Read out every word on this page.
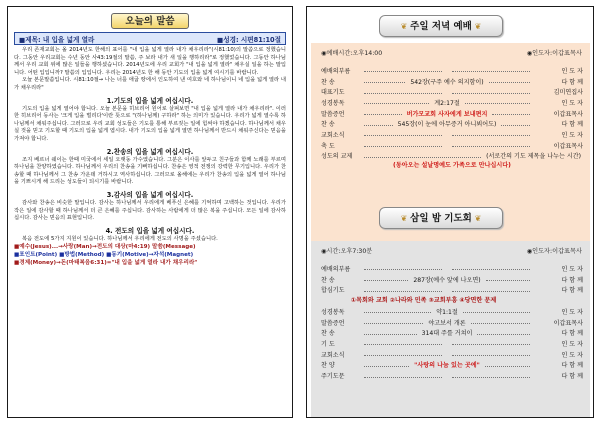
오늘의 말씀
■제목: 내 입을 넓게 열라	■성경: 시편81:10절
우리 존재교회는 올 2014년도 한해의 표어를 "내 입을 넓게 열라 내가 채우리라"(시81:10)의 말씀으로 정했습니다. 그동안 우리교회는 수년 동안 사43:19절의 말씀, 주 보라 내가 새 일을 행하리라"로 정했었습니다. 그동안 하나님께서 우리 교회 위에 많은 일들을 행하셨습니다. 2014년도에 우리 교회가 "내 입을 넓게 열라" 채우실 일을 하는 말입니다. 어떤 입입니까? 말씀의 입입니다. 우리는 2014년도 한 해 동안 기도의 입을 넓게 여시기를 바랍니다.
오늘 본문말씀입니다. 시81:10절→ 나는 너를 애굽 땅에서 인도하여 낸 여호와 네 하나님이니 네 입을 넓게 열라 내가 채우리라"
1.기도의 입을 넓게 여십시다.
기도의 입을 넓게 열어야 합니다. 오늘 본문을 히브리어 원어로 살펴보면 "내 입을 넓게 열라 내가 채우리라". 이러한 히브리어 동사는 '크게 입을 벌리다'이란 뜻으로 "(하나님께) 구하라" 하는 의미가 있습니다. 우리가 넓게 열수록 하나님께서 채워주십니다. 그러므로 우리 교회 성도들은 기도를 통해 부르짖는 일에 힘써야 하겠습니다. 하나님께서 채우실 것을 믿고 기도할 때 기도의 입을 넓게 엽시다. 내가 기도의 입을 넓게 열면 하나님께서 반드시 채워주신다는 믿음을 가져야 합니다.
2.찬송의 입을 넓게 여십시다.
조지 베르너 쉐이는 한때 미국에서 세일 오랫동 가수였습니다. 그분은 이사를 앞두고 친구들과 함께 노래를 부르며 하나님을 찬양하였습니다. 하나님께서 우리의 찬송을 기뻐하십니다. 찬송은 영적 전쟁의 강력한 무기입니다. 우리가 찬송할 때 하나님께서 그 찬송 가운데 거하시고 역사하십니다. 그러므로 올해에는 우리가 찬송의 입을 넓게 열어 하나님을 기쁘시게 해 드리는 성도들이 되시기를 바랍니다.
3.감사의 입을 넓게 여십시다.
감사와 찬송은 비슷한 말입니다. 감사는 하나님께서 우리에게 베푸신 은혜를 기억하며 고백하는 것입니다. 우리가 작은 일에 감사할 때 하나님께서 더 큰 은혜를 주십니다. 감사하는 사람에게 더 많은 복을 주십니다. 모든 일에 감사하십시다. 감사는 믿음의 표현입니다.
4. 전도의 입을 넓게 여십시다.
복음 전도에 5가지 지원이 있습니다. 하나님께서 우리에게 전도의 사명을 주셨습니다.
■예수(Jesus)...→사랑(Man)→전도의 대상(마4:19) 말씀(Message)
■포인트(Point) ■방법(Method) ■동기(Motive)→자석(Magnet)
■경제(Money)→돈(마태복음6:31)="내 입을 넓게 열라 내가 채우리라"
❦ 주일 저녁 예배 ❦
◉예배시간:오후14:00	◉인도자:이갑표목사
예배의부름	인 도 자
찬 송	542장(구주 예수 의지함이)	다 함 께
대표기도	김미연집사
성경봉독	계2:17절	인 도 자
말씀증언	버가모교회 사자에게 보내편지	이갑표목사
찬 송	545장(이 눈에 아무증거 아니뵈어도)	다 함 께
교회소식	인 도 자
축 도	이갑표목사
성도의 교제	(서로간의 기도 제목을 나누는 시간)
(동아오는 설날명예도 가족으로 만나십시다)
❦ 삼일 밤 기도회 ❦
◉시간:오후7:30분	◉인도자:이갑표목사
예배의부름	인 도 자
찬 송	287장(예수 앞에 나오면)	다 함 께
합심기도	다 함 께
①목회와 교회 ②나라와 민족 ③교회부흥 ④당면한 문제
성경봉독	약1:1절	인 도 자
말씀증언	야고보서 개론	이갑표목사
찬 송	314대 주를 거쳐이	다 함 께
기 도	인 도 자
교회소식	인 도 자
찬 양	"사랑의 나눔 있는 곳에"	다 함 께
주기도문	다 함 께
